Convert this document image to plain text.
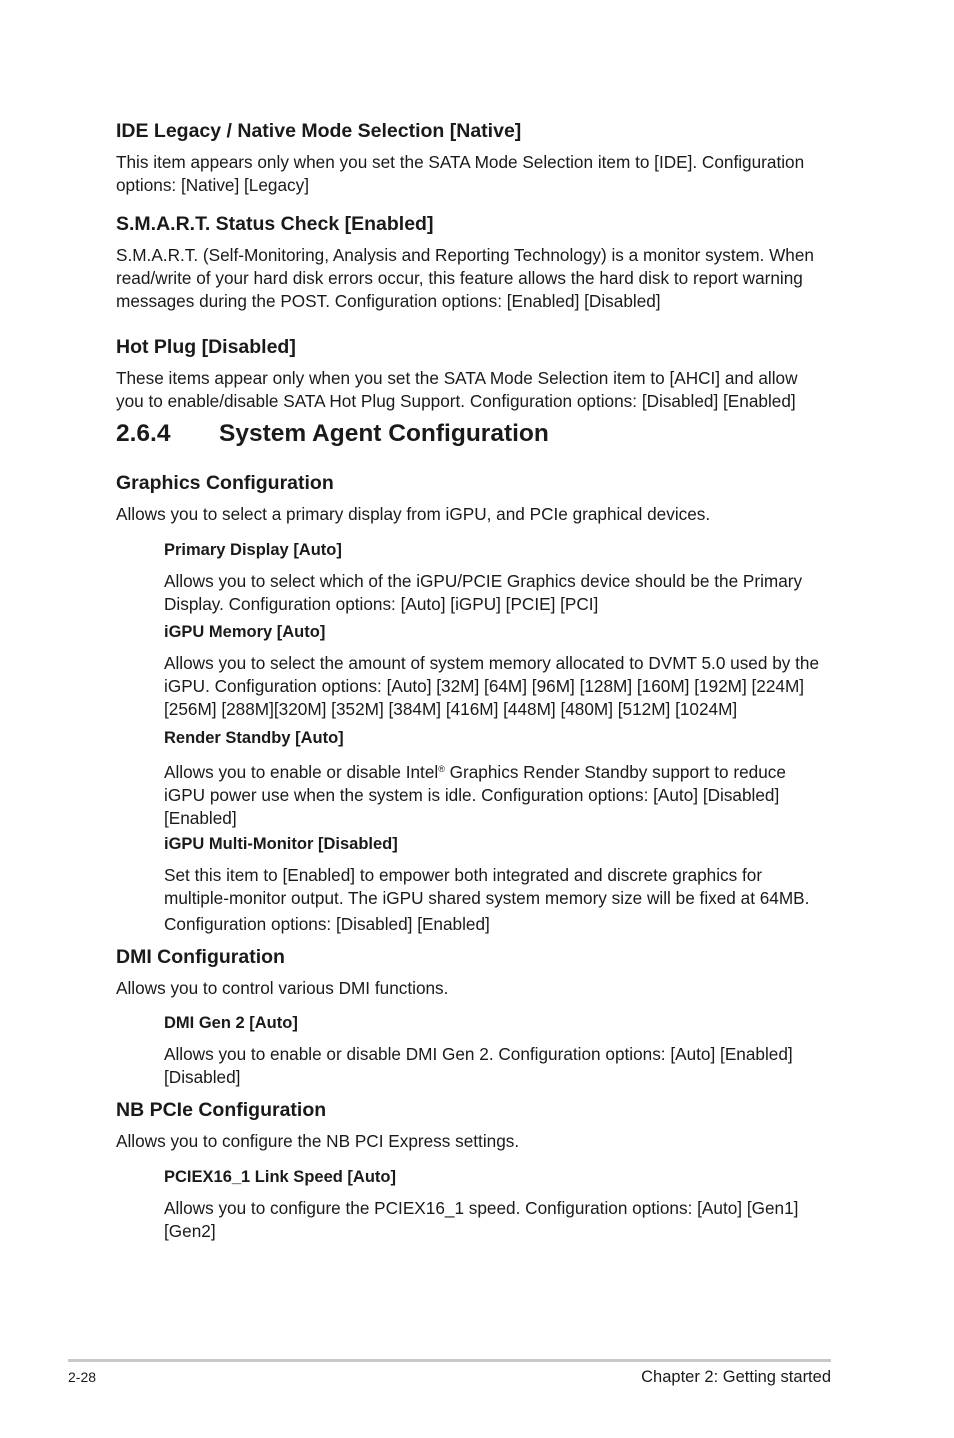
IDE Legacy / Native Mode Selection [Native]

This item appears only when you set the SATA Mode Selection item to [IDE]. Configuration options: [Native] [Legacy]

S.M.A.R.T. Status Check [Enabled]

S.M.A.R.T. (Self-Monitoring, Analysis and Reporting Technology) is a monitor system. When read/write of your hard disk errors occur, this feature allows the hard disk to report warning messages during the POST. Configuration options: [Enabled] [Disabled]

Hot Plug [Disabled]

These items appear only when you set the SATA Mode Selection item to [AHCI] and allow you to enable/disable SATA Hot Plug Support. Configuration options: [Disabled] [Enabled]

2.6.4 System Agent Configuration
Graphics Configuration

Allows you to select a primary display from iGPU, and PCIe graphical devices.

Primary Display [Auto]

Allows you to select which of the iGPU/PCIE Graphics device should be the Primary Display. Configuration options: [Auto] [iGPU] [PCIE] [PCI]

iGPU Memory [Auto]

Allows you to select the amount of system memory allocated to DVMT 5.0 used by the iGPU. Configuration options: [Auto] [32M] [64M] [96M] [128M] [160M] [192M] [224M] [256M] [288M][320M] [352M] [384M] [416M] [448M] [480M] [512M] [1024M]

Render Standby [Auto]

Allows you to enable or disable Intel® Graphics Render Standby support to reduce iGPU power use when the system is idle. Configuration options: [Auto] [Disabled] [Enabled]

iGPU Multi-Monitor [Disabled]

Set this item to [Enabled] to empower both integrated and discrete graphics for multiple-monitor output. The iGPU shared system memory size will be fixed at 64MB.

Configuration options: [Disabled] [Enabled]

DMI Configuration

Allows you to control various DMI functions.

DMI Gen 2 [Auto]

Allows you to enable or disable DMI Gen 2. Configuration options: [Auto] [Enabled] [Disabled]

NB PCIe Configuration

Allows you to configure the NB PCI Express settings.

PCIEX16_1 Link Speed [Auto]

Allows you to configure the PCIEX16_1 speed. Configuration options: [Auto] [Gen1] [Gen2]

2-28	Chapter 2: Getting started
